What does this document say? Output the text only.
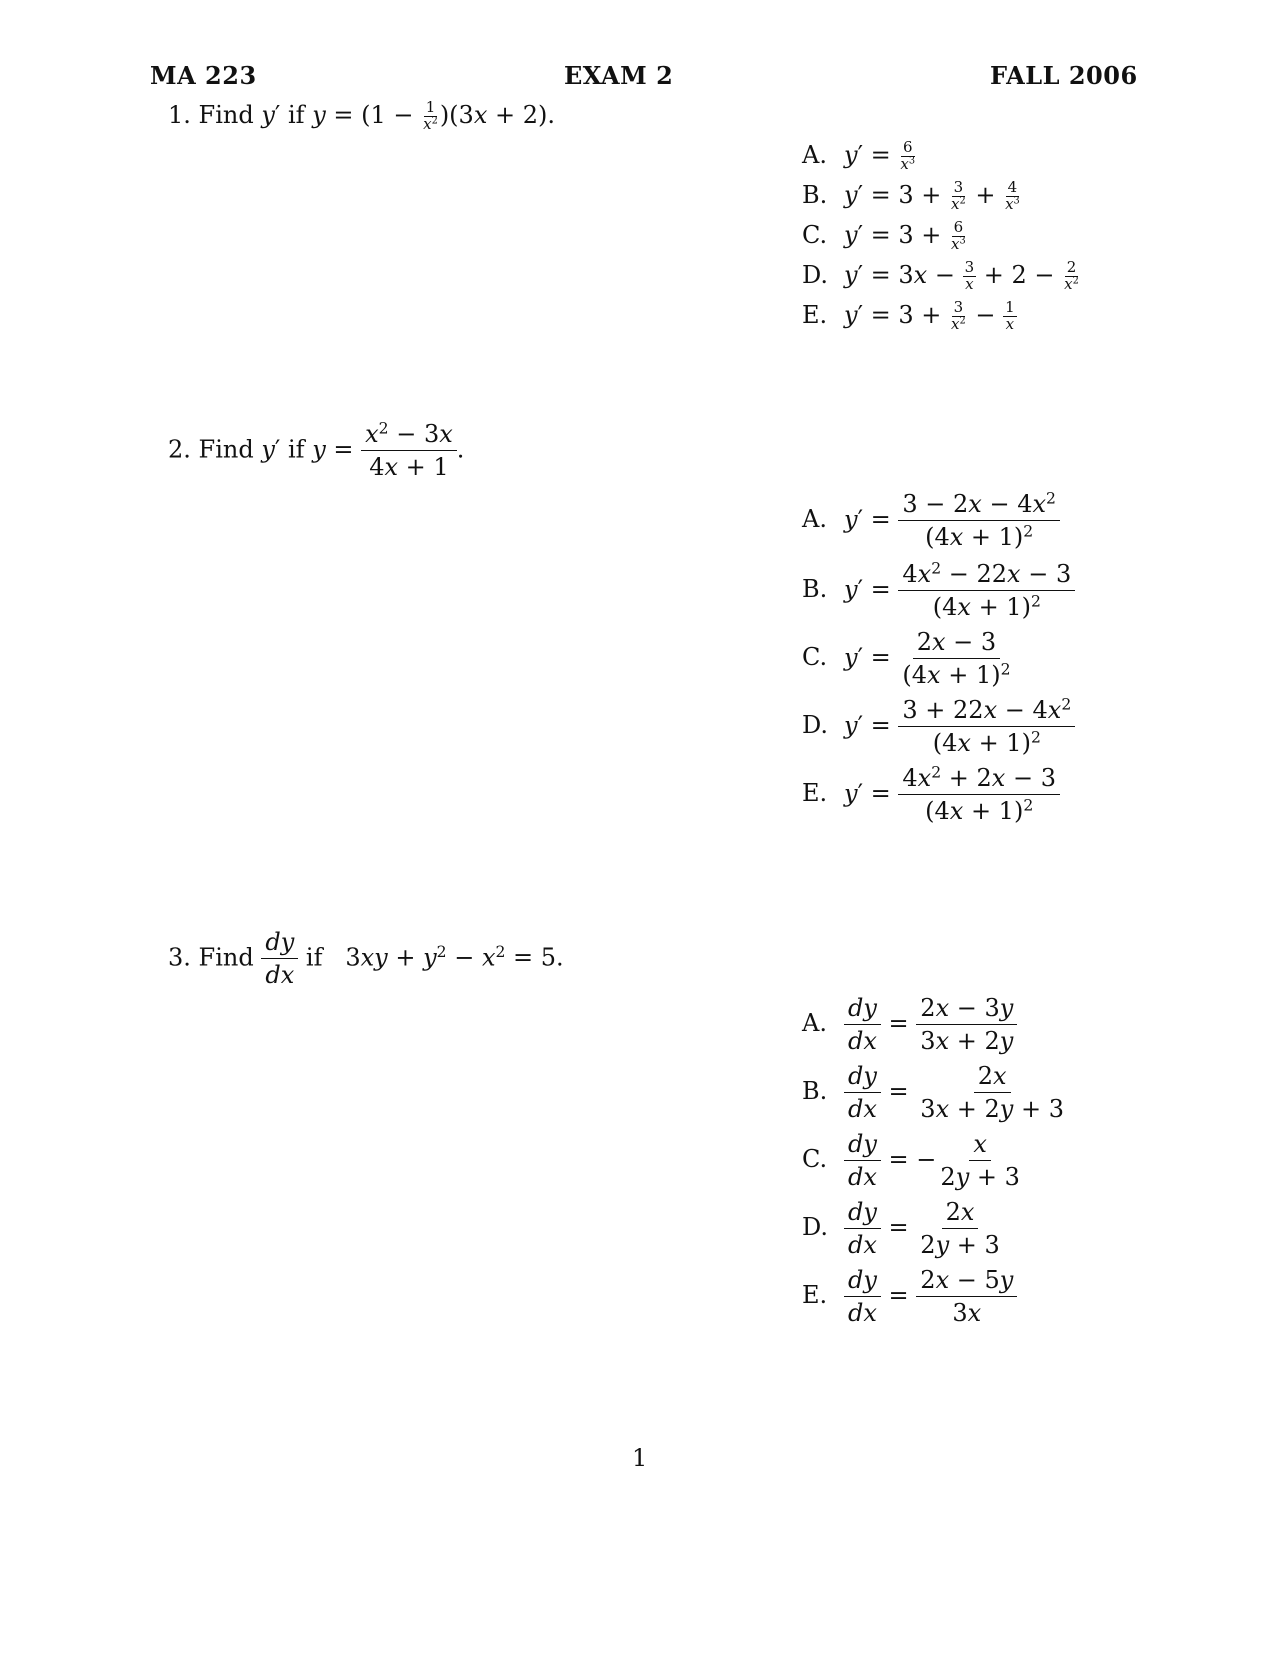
MA 223	EXAM 2	FALL 2006
1. Find y′ if $y = (1 - \frac{1}{x^2} )(3x + 2)$.
A. $y' = \frac{6}{x^3}$
B. $y' = 3 + \frac{3}{x^2} + \frac{4}{x^3}$
C. $y' = 3 + \frac{6}{x^3}$
D. $y' = 3x - \frac{3}{x} + 2 - \frac{2}{x^2}$
E. $y' = 3 + \frac{3}{x^2} - \frac{1}{x}$
2. Find y′ if $y = \frac{x^2 - 3x}{4x + 1}$ .
A. $y' = \frac{3 - 2x - 4x^2}{(4x + 1)^2}$
B. $y' = \frac{4x^2 - 22x - 3}{(4x + 1)^2}$
C. $y' = \frac{2x - 3}{(4x + 1)^2}$
D. $y' = \frac{3 + 22x - 4x^2}{(4x + 1)^2}$
E. $y' = \frac{4x^2 + 2x - 3}{(4x + 1)^2}$
3. Find $\frac{dy}{dx}$ if   $3xy + y^2 - x^2 = 5$.
A. $\frac{dy}{dx} = \frac{2x - 3y}{3x + 2y}$
B. $\frac{dy}{dx} = \frac{2x}{3x + 2y + 3}$
C. $\frac{dy}{dx}$ = − $\frac{x}{2y + 3}$
D. $\frac{dy}{dx} = \frac{2x}{2y + 3}$
E. $\frac{dy}{dx} = \frac{2x - 5y}{3x}$
1
